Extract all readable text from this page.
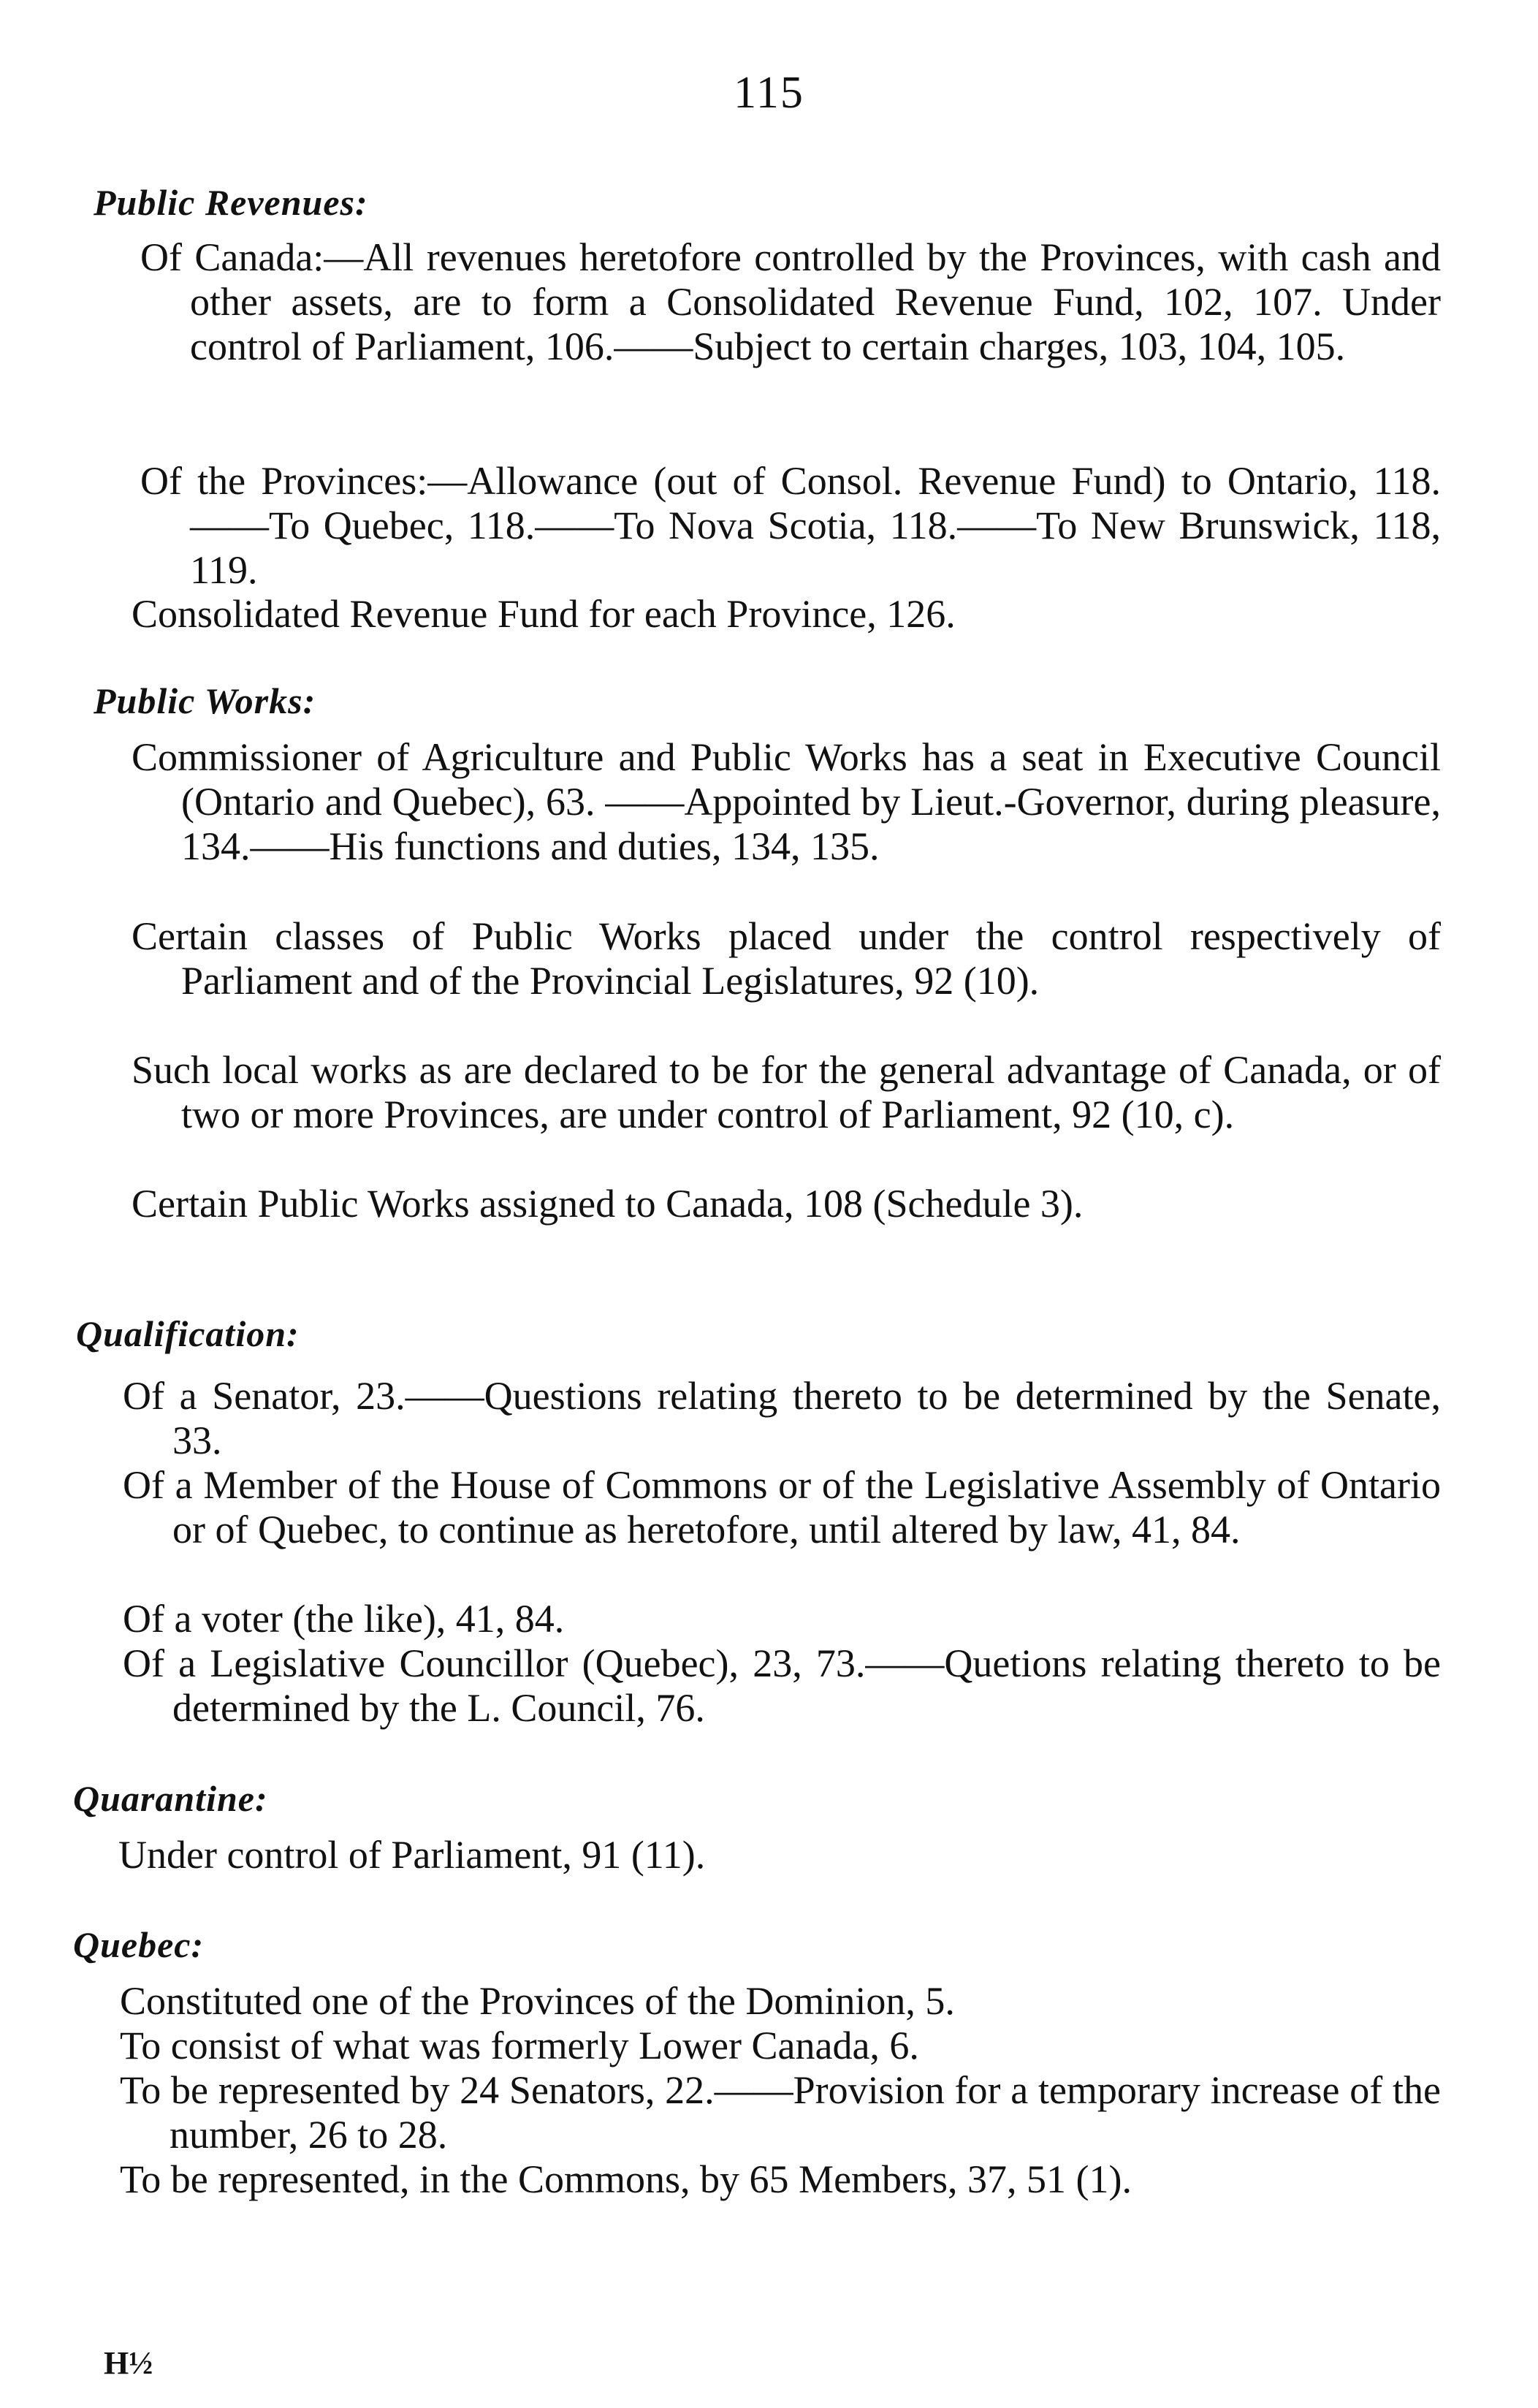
115
Public Revenues:
Of Canada:—All revenues heretofore controlled by the Provinces, with cash and other assets, are to form a Consolidated Revenue Fund, 102, 107. Under control of Parliament, 106.——Subject to certain charges, 103, 104, 105.
Of the Provinces:—Allowance (out of Consol. Revenue Fund) to Ontario, 118.——To Quebec, 118.——To Nova Scotia, 118.——To New Brunswick, 118, 119.
Consolidated Revenue Fund for each Province, 126.
Public Works:
Commissioner of Agriculture and Public Works has a seat in Executive Council (Ontario and Quebec), 63. ——Appointed by Lieut.-Governor, during pleasure, 134.——His functions and duties, 134, 135.
Certain classes of Public Works placed under the control respectively of Parliament and of the Provincial Legislatures, 92 (10).
Such local works as are declared to be for the general advantage of Canada, or of two or more Provinces, are under control of Parliament, 92 (10, c).
Certain Public Works assigned to Canada, 108 (Schedule 3).
Qualification:
Of a Senator, 23.——Questions relating thereto to be determined by the Senate, 33.
Of a Member of the House of Commons or of the Legislative Assembly of Ontario or of Quebec, to continue as heretofore, until altered by law, 41, 84.
Of a voter (the like), 41, 84.
Of a Legislative Councillor (Quebec), 23, 73.——Quetions relating thereto to be determined by the L. Council, 76.
Quarantine:
Under control of Parliament, 91 (11).
Quebec:
Constituted one of the Provinces of the Dominion, 5.
To consist of what was formerly Lower Canada, 6.
To be represented by 24 Senators, 22.——Provision for a temporary increase of the number, 26 to 28.
To be represented, in the Commons, by 65 Members, 37, 51 (1).
H½
